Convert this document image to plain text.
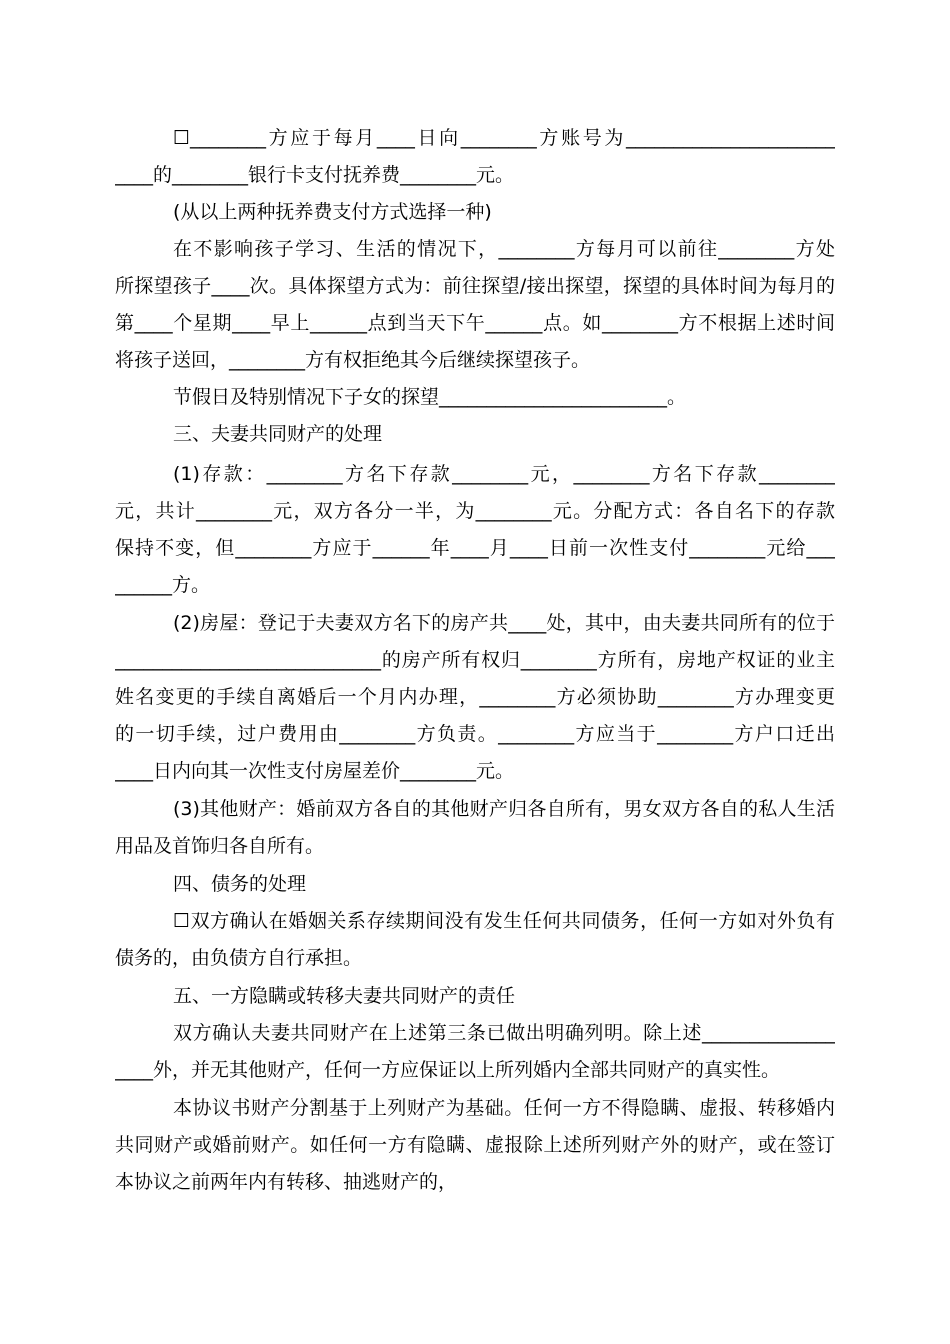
☐________方应于每月____日向________方账号为______________________
____的________银行卡支付抚养费________元。
(从以上两种抚养费支付方式选择一种)
在不影响孩子学习、生活的情况下，________方每月可以前往________方处
所探望孩子____次。具体探望方式为：前往探望/接出探望，探望的具体时间为每月的
第____个星期____早上______点到当天下午______点。如________方不根据上述时间
将孩子送回，________方有权拒绝其今后继续探望孩子。
节假日及特别情况下子女的探望________________________。
三、夫妻共同财产的处理
(1)存款：________方名下存款________元，________方名下存款________
元，共计________元，双方各分一半，为________元。分配方式：各自名下的存款
保持不变，但________方应于______年____月____日前一次性支付________元给___
______方。
(2)房屋：登记于夫妻双方名下的房产共____处，其中，由夫妻共同所有的位于
____________________________的房产所有权归________方所有，房地产权证的业主
姓名变更的手续自离婚后一个月内办理，________方必须协助________方办理变更
的一切手续，过户费用由________方负责。________方应当于________方户口迁出
____日内向其一次性支付房屋差价________元。
(3)其他财产：婚前双方各自的其他财产归各自所有，男女双方各自的私人生活
用品及首饰归各自所有。
四、债务的处理
☐双方确认在婚姻关系存续期间没有发生任何共同债务，任何一方如对外负有
债务的，由负债方自行承担。
五、一方隐瞒或转移夫妻共同财产的责任
双方确认夫妻共同财产在上述第三条已做出明确列明。除上述______________
____外，并无其他财产，任何一方应保证以上所列婚内全部共同财产的真实性。
本协议书财产分割基于上列财产为基础。任何一方不得隐瞒、虚报、转移婚内
共同财产或婚前财产。如任何一方有隐瞒、虚报除上述所列财产外的财产，或在签订
本协议之前两年内有转移、抽逃财产的，
